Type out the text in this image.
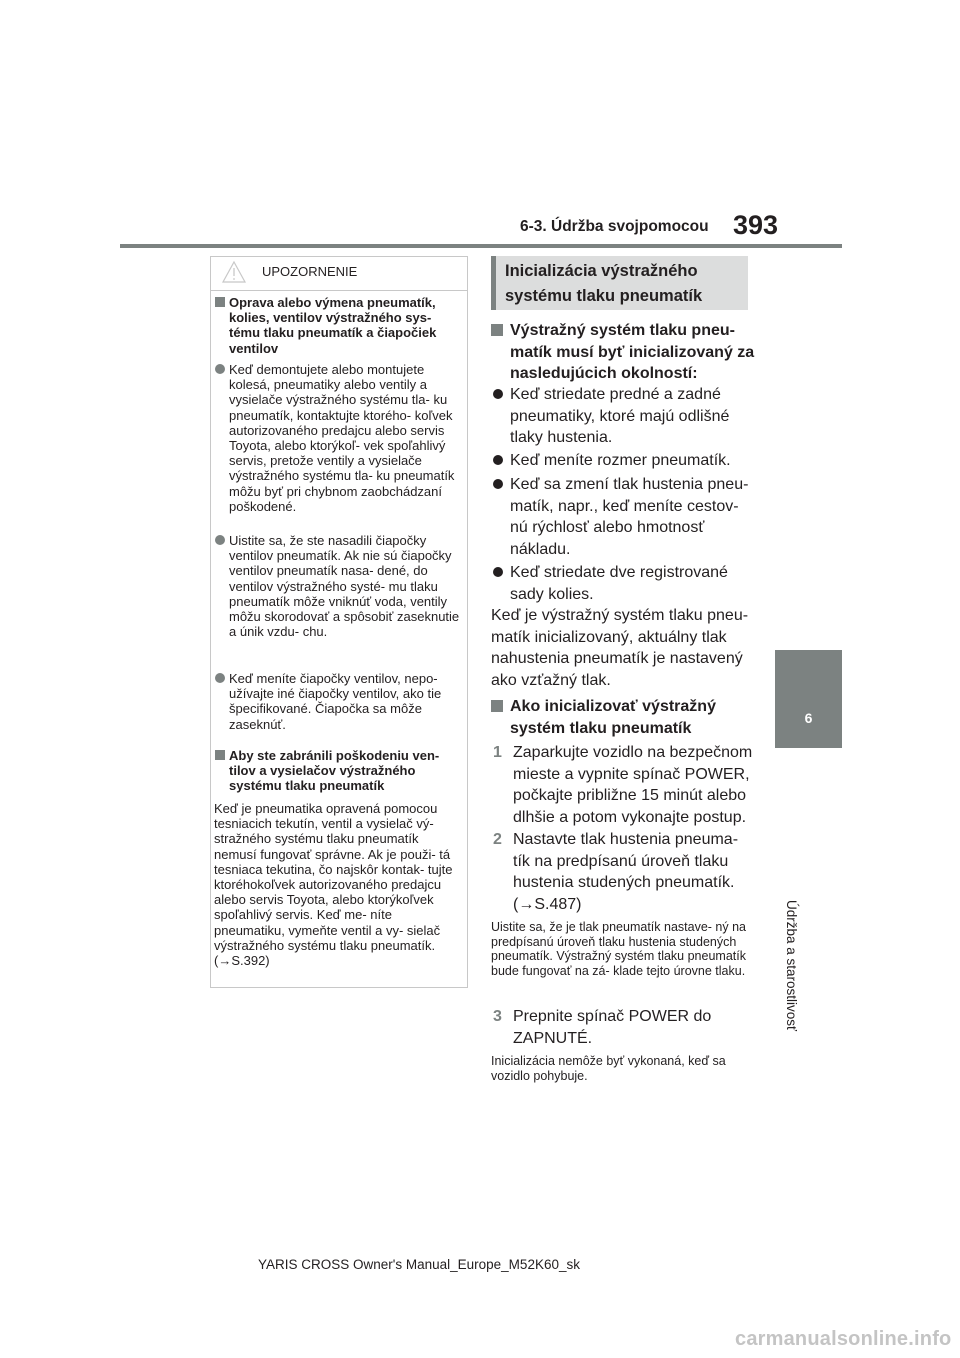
6-3. Údržba svojpomocou 393
6
Údržba a starostlivosť
UPOZORNENIE
Oprava alebo výmena pneumatík, kolies, ventilov výstražného sys- tému tlaku pneumatík a čiapočiek ventilov
Keď demontujete alebo montujete kolesá, pneumatiky alebo ventily a vysielače výstražného systému tla- ku pneumatík, kontaktujte ktorého- koľvek autorizovaného predajcu alebo servis Toyota, alebo ktorýkoľ- vek spoľahlivý servis, pretože ventily a vysielače výstražného systému tla- ku pneumatík môžu byť pri chybnom zaobchádzaní poškodené.
Uistite sa, že ste nasadili čiapočky ventilov pneumatík. Ak nie sú čiapočky ventilov pneumatík nasa- dené, do ventilov výstražného systé- mu tlaku pneumatík môže vniknúť voda, ventily môžu skorodovať a spôsobiť zaseknutie a únik vzdu- chu.
Keď meníte čiapočky ventilov, nepo- užívajte iné čiapočky ventilov, ako tie špecifikované. Čiapočka sa môže zaseknúť.
Aby ste zabránili poškodeniu ven- tilov a vysielačov výstražného systému tlaku pneumatík
Keď je pneumatika opravená pomocou tesniacich tekutín, ventil a vysielač vý- stražného systému tlaku pneumatík nemusí fungovať správne. Ak je použi- tá tesniaca tekutina, čo najskôr kontak- tujte ktoréhokoľvek autorizovaného predajcu alebo servis Toyota, alebo ktorýkoľvek spoľahlivý servis. Keď me- níte pneumatiku, vymeňte ventil a vy- sielač výstražného systému tlaku pneumatík. (→S.392)
Inicializácia výstražného systému tlaku pneumatík
Výstražný systém tlaku pneu- matík musí byť inicializovaný za nasledujúcich okolností:
Keď striedate predné a zadné pneumatiky, ktoré majú odlišné tlaky hustenia.
Keď meníte rozmer pneumatík.
Keď sa zmení tlak hustenia pneu- matík, napr., keď meníte cestov- nú rýchlosť alebo hmotnosť nákladu.
Keď striedate dve registrované sady kolies.
Keď je výstražný systém tlaku pneu- matík inicializovaný, aktuálny tlak nahustenia pneumatík je nastavený ako vzťažný tlak.
Ako inicializovať výstražný systém tlaku pneumatík
1 Zaparkujte vozidlo na bezpečnom mieste a vypnite spínač POWER, počkajte približne 15 minút alebo dlhšie a potom vykonajte postup.
2 Nastavte tlak hustenia pneuma- tík na predpísanú úroveň tlaku hustenia studených pneumatík. (→S.487)
Uistite sa, že je tlak pneumatík nastave- ný na predpísanú úroveň tlaku hustenia studených pneumatík. Výstražný systém tlaku pneumatík bude fungovať na zá- klade tejto úrovne tlaku.
3 Prepnite spínač POWER do ZAPNUTÉ.
Inicializácia nemôže byť vykonaná, keď sa vozidlo pohybuje.
YARIS CROSS Owner's Manual_Europe_M52K60_sk
carmanualsonline.info
